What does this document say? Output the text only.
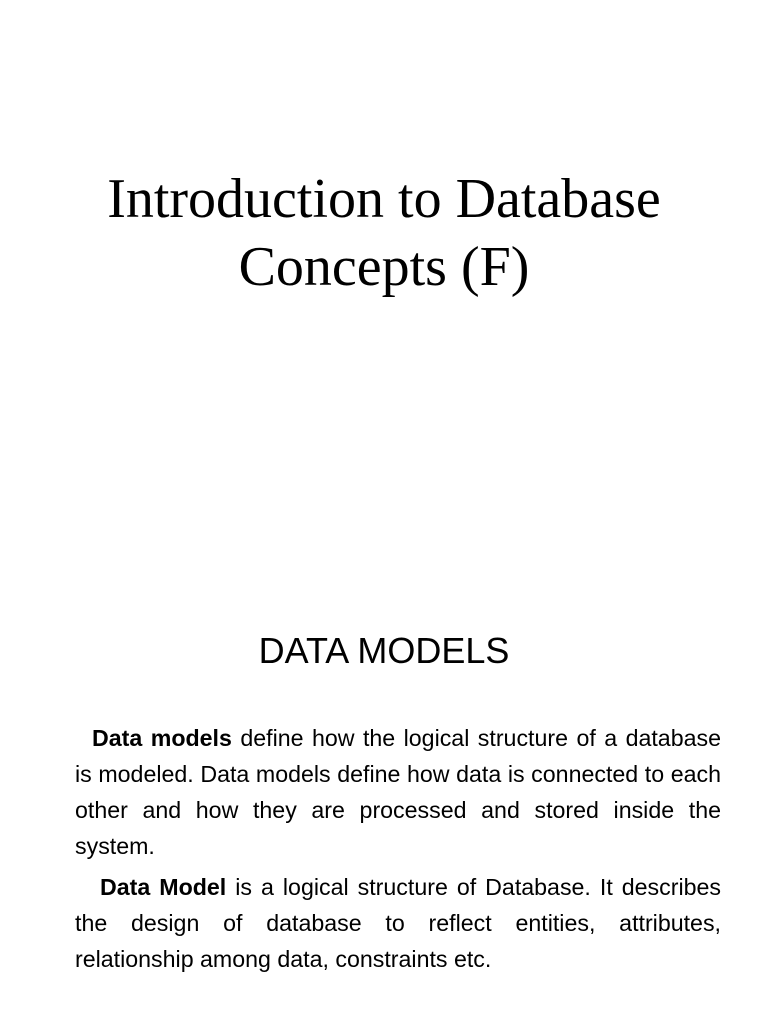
Introduction to Database
Concepts (F)
DATA MODELS

Data models define how the logical structure of a database is modeled. Data models define how data is connected to each other and how they are processed and stored inside the system.

Data Model is a logical structure of Database. It describes the design of database to reflect entities, attributes, relationship among data, constraints etc.
